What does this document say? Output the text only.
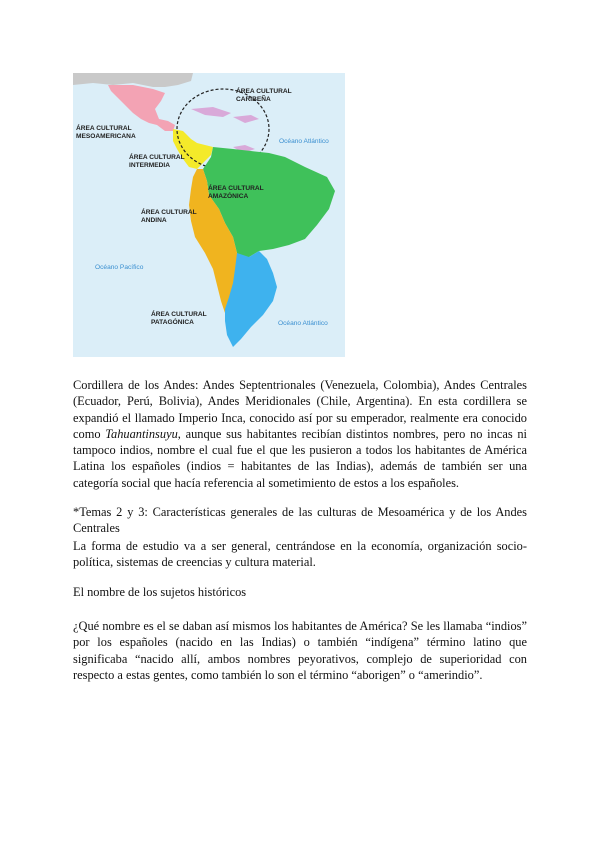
ÁREA CULTURAL
CARIBEÑA
ÁREA CULTURAL
MESOAMERICANA
ÁREA CULTURAL
INTERMEDIA
ÁREA CULTURAL
AMAZÓNICA
ÁREA CULTURAL
ANDINA
ÁREA CULTURAL
PATAGÓNICA
Océano Atlántico
Océano Pacífico
Océano Atlántico

Cordillera de los Andes: Andes Septentrionales (Venezuela, Colombia), Andes Centrales (Ecuador, Perú, Bolivia), Andes Meridionales (Chile, Argentina). En esta cordillera se expandió el llamado Imperio Inca, conocido así por su emperador, realmente era conocido como Tahuantinsuyu, aunque sus habitantes recibían distintos nombres, pero no incas ni tampoco indios, nombre el cual fue el que les pusieron a todos los habitantes de América Latina los españoles (indios = habitantes de las Indias), además de también ser una categoría social que hacía referencia al sometimiento de estos a los españoles.

*Temas 2 y 3: Características generales de las culturas de Mesoamérica y de los Andes Centrales

La forma de estudio va a ser general, centrándose en la economía, organización socio-política, sistemas de creencias y cultura material.

El nombre de los sujetos históricos

¿Qué nombre es el se daban así mismos los habitantes de América? Se les llamaba “indios” por los españoles (nacido en las Indias) o también “indígena” término latino que significaba “nacido allí, ambos nombres peyorativos, complejo de superioridad con respecto a estas gentes, como también lo son el término “aborigen” o “amerindio”.
